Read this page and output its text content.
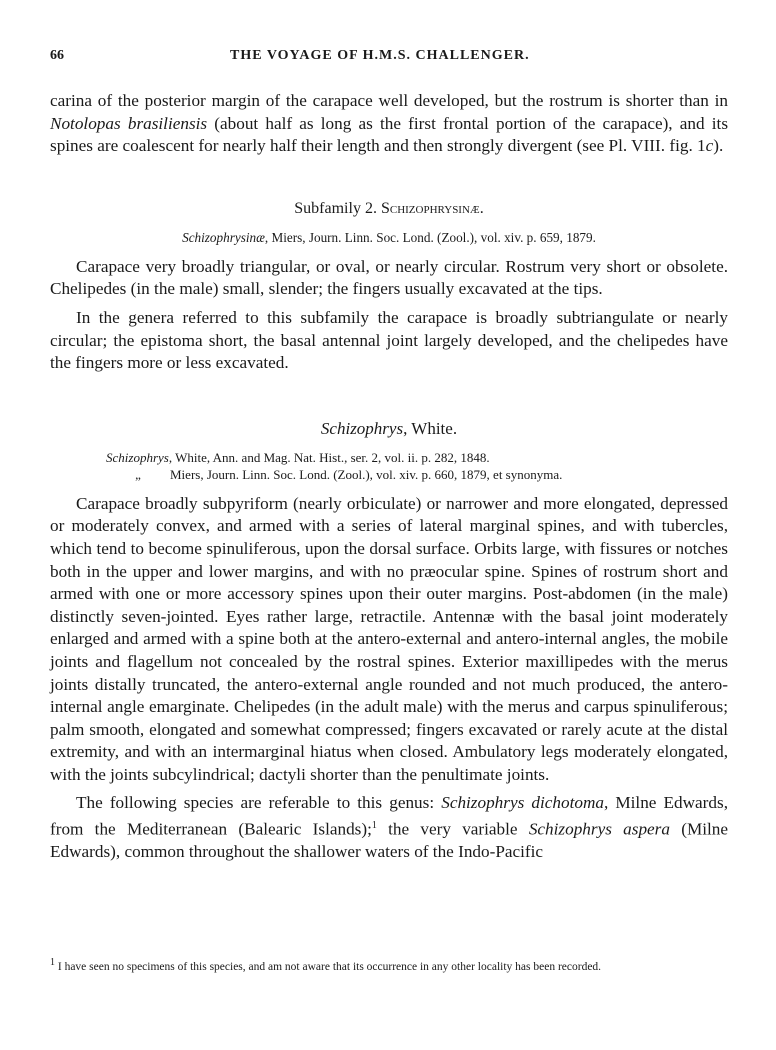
66	THE VOYAGE OF H.M.S. CHALLENGER.

carina of the posterior margin of the carapace well developed, but the rostrum is shorter than in Notolopas brasiliensis (about half as long as the first frontal portion of the carapace), and its spines are coalescent for nearly half their length and then strongly divergent (see Pl. VIII. fig. 1c).

Subfamily 2. Schizophrysinæ.
Schizophrysinæ, Miers, Journ. Linn. Soc. Lond. (Zool.), vol. xiv. p. 659, 1879.

Carapace very broadly triangular, or oval, or nearly circular. Rostrum very short or obsolete. Chelipedes (in the male) small, slender; the fingers usually excavated at the tips.

In the genera referred to this subfamily the carapace is broadly subtriangulate or nearly circular; the epistoma short, the basal antennal joint largely developed, and the chelipedes have the fingers more or less excavated.

Schizophrys, White.
Schizophrys, White, Ann. and Mag. Nat. Hist., ser. 2, vol. ii. p. 282, 1848.
„ Miers, Journ. Linn. Soc. Lond. (Zool.), vol. xiv. p. 660, 1879, et synonyma.

Carapace broadly subpyriform (nearly orbiculate) or narrower and more elongated, depressed or moderately convex, and armed with a series of lateral marginal spines, and with tubercles, which tend to become spinuliferous, upon the dorsal surface. Orbits large, with fissures or notches both in the upper and lower margins, and with no præocular spine. Spines of rostrum short and armed with one or more accessory spines upon their outer margins. Post-abdomen (in the male) distinctly seven-jointed. Eyes rather large, retractile. Antennæ with the basal joint moderately enlarged and armed with a spine both at the antero-external and antero-internal angles, the mobile joints and flagellum not concealed by the rostral spines. Exterior maxillipedes with the merus joints distally truncated, the antero-external angle rounded and not much produced, the antero-internal angle emarginate. Chelipedes (in the adult male) with the merus and carpus spinuliferous; palm smooth, elongated and somewhat compressed; fingers excavated or rarely acute at the distal extremity, and with an intermarginal hiatus when closed. Ambulatory legs moderately elongated, with the joints subcylindrical; dactyli shorter than the penultimate joints.

The following species are referable to this genus: Schizophrys dichotoma, Milne Edwards, from the Mediterranean (Balearic Islands);$^1$ the very variable Schizophrys aspera (Milne Edwards), common throughout the shallower waters of the Indo-Pacific

$^1$ I have seen no specimens of this species, and am not aware that its occurrence in any other locality has been recorded.
